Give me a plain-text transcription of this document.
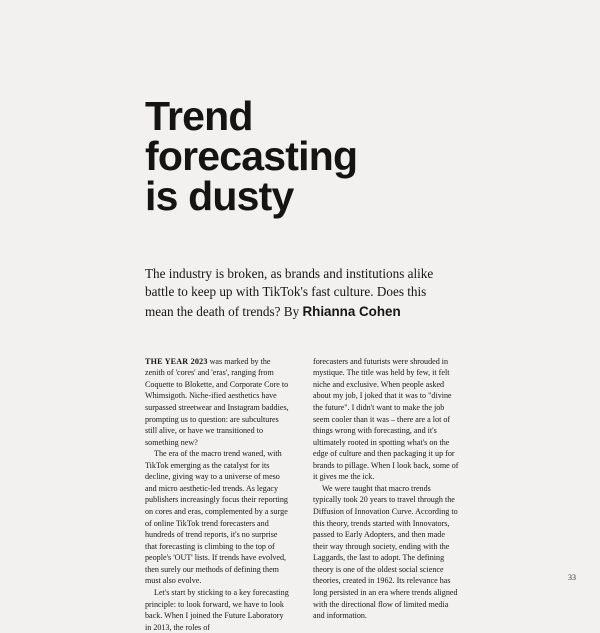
Trend forecasting
is dusty
The industry is broken, as brands and institutions alike battle to keep up with TikTok's fast culture. Does this mean the death of trends? By Rhianna Cohen

THE YEAR 2023 was marked by the zenith of 'cores' and 'eras', ranging from Coquette to Blokette, and Corporate Core to Whimsigoth. Niche-ified aesthetics have surpassed streetwear and Instagram baddies, prompting us to question: are subcultures still alive, or have we transitioned to something new?

The era of the macro trend waned, with TikTok emerging as the catalyst for its decline, giving way to a universe of meso and micro aesthetic-led trends. As legacy publishers increasingly focus their reporting on cores and eras, complemented by a surge of online TikTok trend forecasters and hundreds of trend reports, it's no surprise that forecasting is climbing to the top of people's 'OUT' lists. If trends have evolved, then surely our methods of defining them must also evolve.

Let's start by sticking to a key forecasting principle: to look forward, we have to look back. When I joined the Future Laboratory in 2013, the roles of

forecasters and futurists were shrouded in mystique. The title was held by few, it felt niche and exclusive. When people asked about my job, I joked that it was to "divine the future". I didn't want to make the job seem cooler than it was – there are a lot of things wrong with forecasting, and it's ultimately rooted in spotting what's on the edge of culture and then packaging it up for brands to pillage. When I look back, some of it gives me the ick.

We were taught that macro trends typically took 20 years to travel through the Diffusion of Innovation Curve. According to this theory, trends started with Innovators, passed to Early Adopters, and then made their way through society, ending with the Laggards, the last to adopt. The defining theory is one of the oldest social science theories, created in 1962. Its relevance has long persisted in an era where trends aligned with the directional flow of limited media and information.

33
